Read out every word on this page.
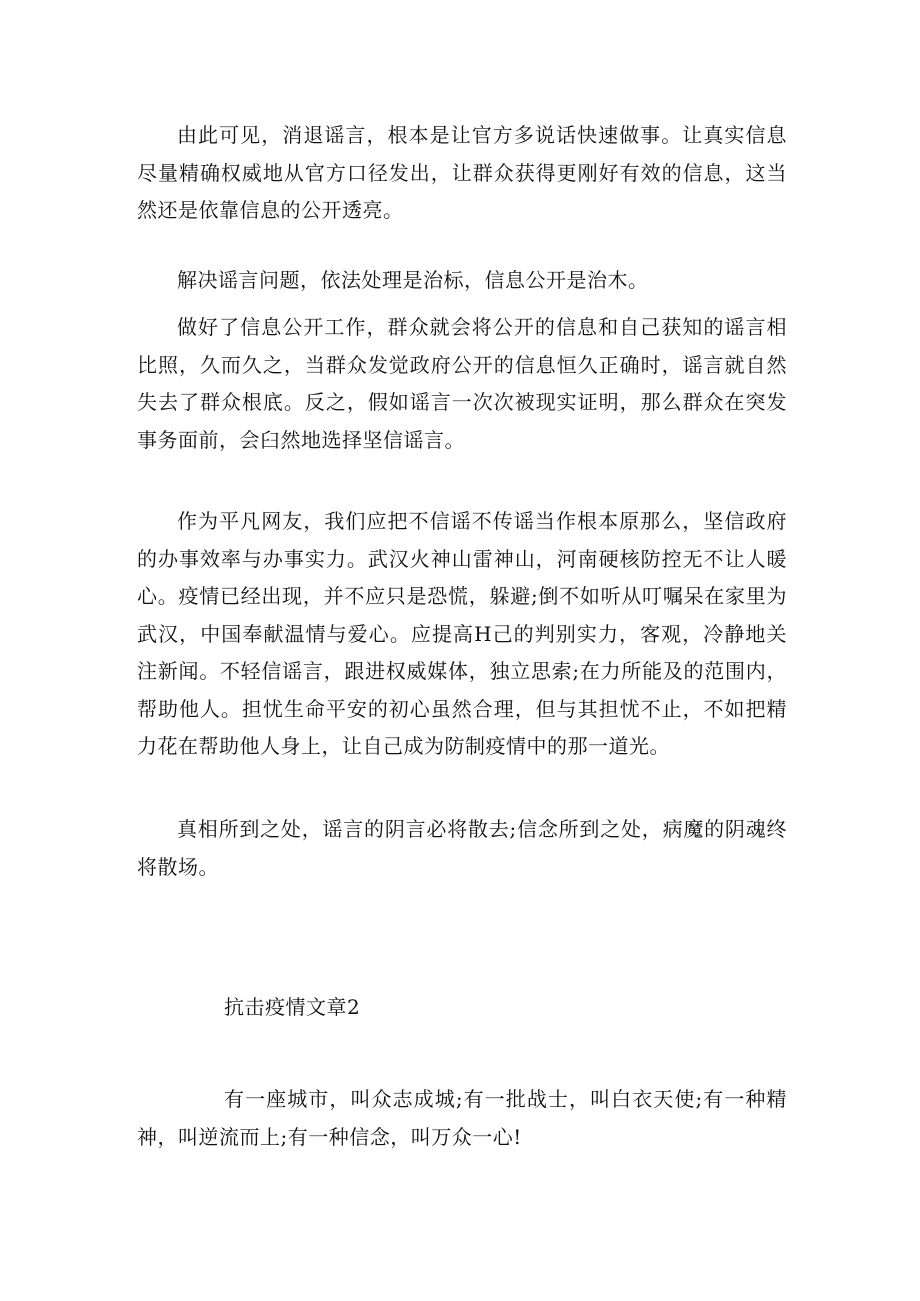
由此可见，消退谣言，根本是让官方多说话快速做事。让真实信息尽量精确权威地从官方口径发出，让群众获得更刚好有效的信息，这当然还是依靠信息的公开透亮。

解决谣言问题，依法处理是治标，信息公开是治木。

做好了信息公开工作，群众就会将公开的信息和自己获知的谣言相比照，久而久之，当群众发觉政府公开的信息恒久正确时，谣言就自然失去了群众根底。反之，假如谣言一次次被现实证明，那么群众在突发事务面前，会臼然地选择坚信谣言。

作为平凡网友，我们应把不信谣不传谣当作根本原那么，坚信政府的办事效率与办事实力。武汉火神山雷神山，河南硬核防控无不让人暖心。疫情已经出现，并不应只是恐慌，躲避;倒不如听从叮嘱呆在家里为武汉，中国奉献温情与爱心。应提高H己的判别实力，客观，冷静地关注新闻。不轻信谣言，跟进权威媒体，独立思索;在力所能及的范围内，帮助他人。担忧生命平安的初心虽然合理，但与其担忧不止，不如把精力花在帮助他人身上，让自己成为防制疫情中的那一道光。

真相所到之处，谣言的阴言必将散去;信念所到之处，病魔的阴魂终将散场。

抗击疫情文章2

有一座城市，叫众志成城;有一批战士，叫白衣天使;有一种精神，叫逆流而上;有一种信念，叫万众一心!
